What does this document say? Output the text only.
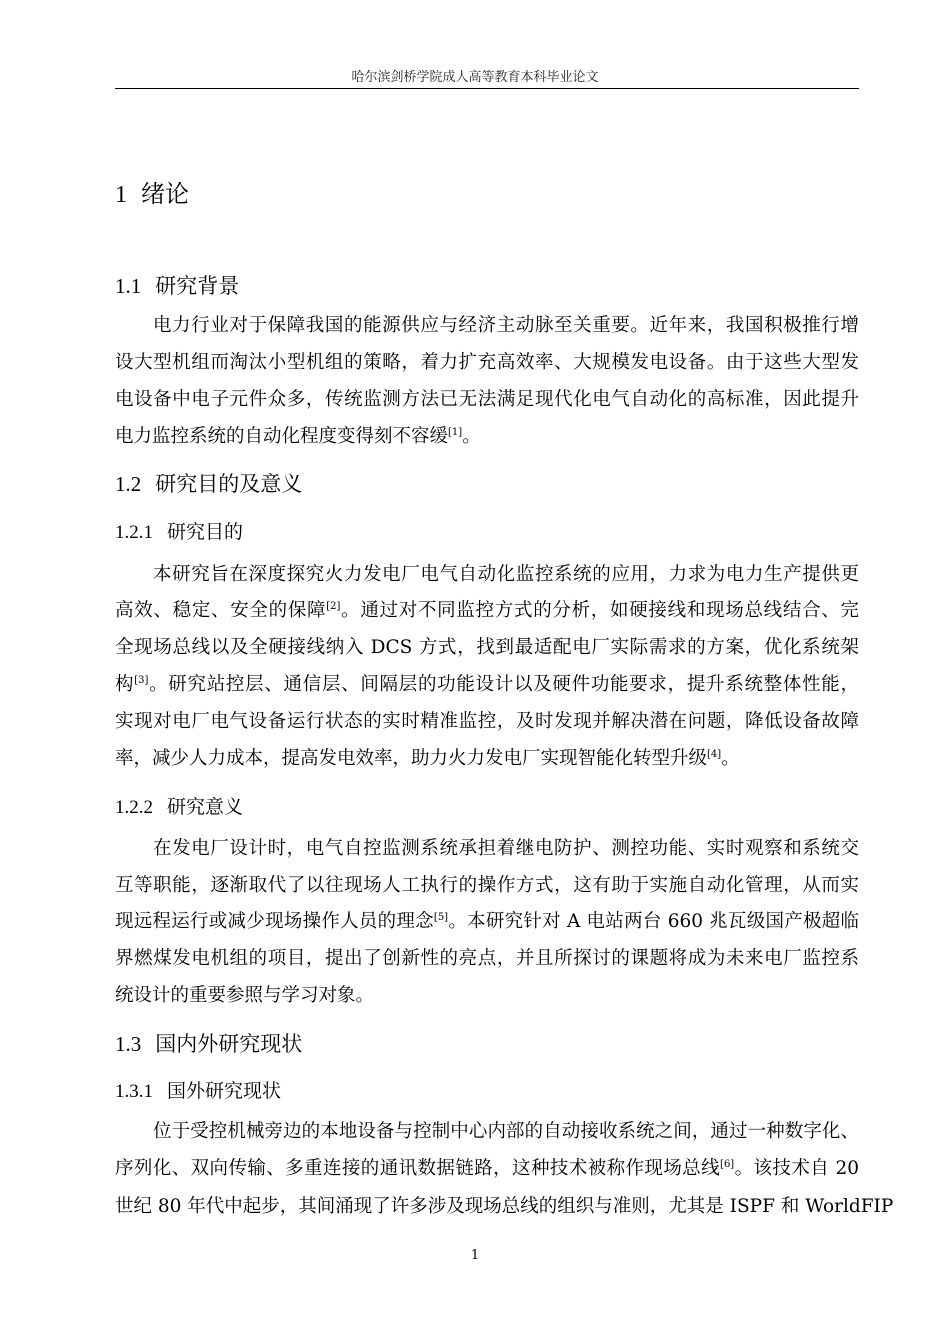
哈尔滨剑桥学院成人高等教育本科毕业论文
1 绪论
1.1 研究背景
1.2 研究目的及意义
1.2.1 研究目的
1.2.2 研究意义
1.3 国内外研究现状
1.3.1 国外研究现状
电力行业对于保障我国的能源供应与经济主动脉至关重要。近年来，我国积极推行增
设大型机组而淘汰小型机组的策略，着力扩充高效率、大规模发电设备。由于这些大型发
电设备中电子元件众多，传统监测方法已无法满足现代化电气自动化的高标准，因此提升
电力监控系统的自动化程度变得刻不容缓[1]。
本研究旨在深度探究火力发电厂电气自动化监控系统的应用，力求为电力生产提供更
高效、稳定、安全的保障[2]。通过对不同监控方式的分析，如硬接线和现场总线结合、完
全现场总线以及全硬接线纳入 DCS 方式，找到最适配电厂实际需求的方案，优化系统架
构[3]。研究站控层、通信层、间隔层的功能设计以及硬件功能要求，提升系统整体性能，
实现对电厂电气设备运行状态的实时精准监控，及时发现并解决潜在问题，降低设备故障
率，减少人力成本，提高发电效率，助力火力发电厂实现智能化转型升级[4]。
在发电厂设计时，电气自控监测系统承担着继电防护、测控功能、实时观察和系统交
互等职能，逐渐取代了以往现场人工执行的操作方式，这有助于实施自动化管理，从而实
现远程运行或减少现场操作人员的理念[5]。本研究针对 A 电站两台 660 兆瓦级国产极超临
界燃煤发电机组的项目，提出了创新性的亮点，并且所探讨的课题将成为未来电厂监控系
统设计的重要参照与学习对象。
位于受控机械旁边的本地设备与控制中心内部的自动接收系统之间，通过一种数字化、
序列化、双向传输、多重连接的通讯数据链路，这种技术被称作现场总线[6]。该技术自 20
世纪 80 年代中起步，其间涌现了许多涉及现场总线的组织与准则，尤其是 ISPF 和 WorldFIP
1
